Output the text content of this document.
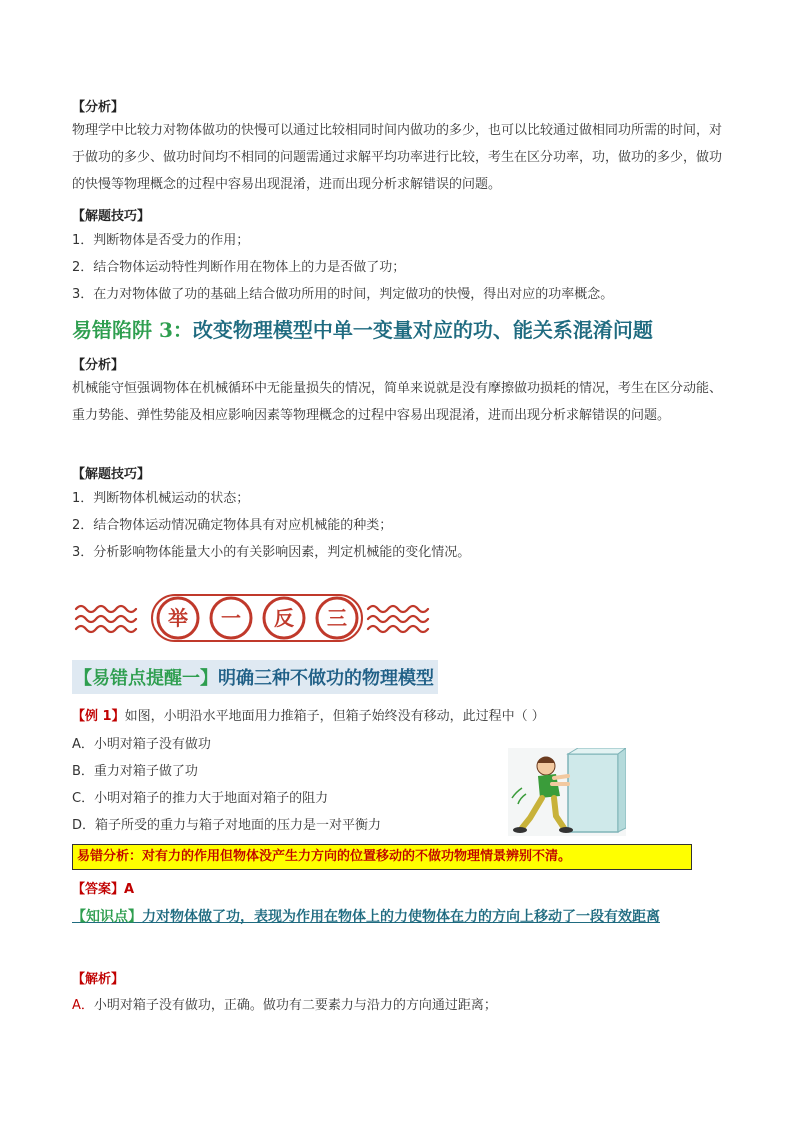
【分析】
物理学中比较力对物体做功的快慢可以通过比较相同时间内做功的多少，也可以比较通过做相同功所需的时间，对于做功的多少、做功时间均不相同的问题需通过求解平均功率进行比较，考生在区分功率，功，做功的多少，做功的快慢等物理概念的过程中容易出现混淆，进而出现分析求解错误的问题。
【解题技巧】
1．判断物体是否受力的作用；
2．结合物体运动特性判断作用在物体上的力是否做了功；
3．在力对物体做了功的基础上结合做功所用的时间，判定做功的快慢，得出对应的功率概念。
易错陷阱 3：改变物理模型中单一变量对应的功、能关系混淆问题
【分析】
机械能守恒强调物体在机械循环中无能量损失的情况，简单来说就是没有摩擦做功损耗的情况，考生在区分动能、重力势能、弹性势能及相应影响因素等物理概念的过程中容易出现混淆，进而出现分析求解错误的问题。
【解题技巧】
1．判断物体机械运动的状态；
2．结合物体运动情况确定物体具有对应机械能的种类；
3．分析影响物体能量大小的有关影响因素，判定机械能的变化情况。
举 一 反 三
【易错点提醒一】明确三种不做功的物理模型
【例 1】如图，小明沿水平地面用力推箱子，但箱子始终没有移动，此过程中（ ）
A．小明对箱子没有做功
B．重力对箱子做了功
C．小明对箱子的推力大于地面对箱子的阻力
D．箱子所受的重力与箱子对地面的压力是一对平衡力
易错分析：对有力的作用但物体没产生力方向的位置移动的不做功物理情景辨别不清。
【答案】A
【知识点】力对物体做了功，表现为作用在物体上的力使物体在力的方向上移动了一段有效距离
【解析】
A．小明对箱子没有做功，正确。做功有二要素力与沿力的方向通过距离；
